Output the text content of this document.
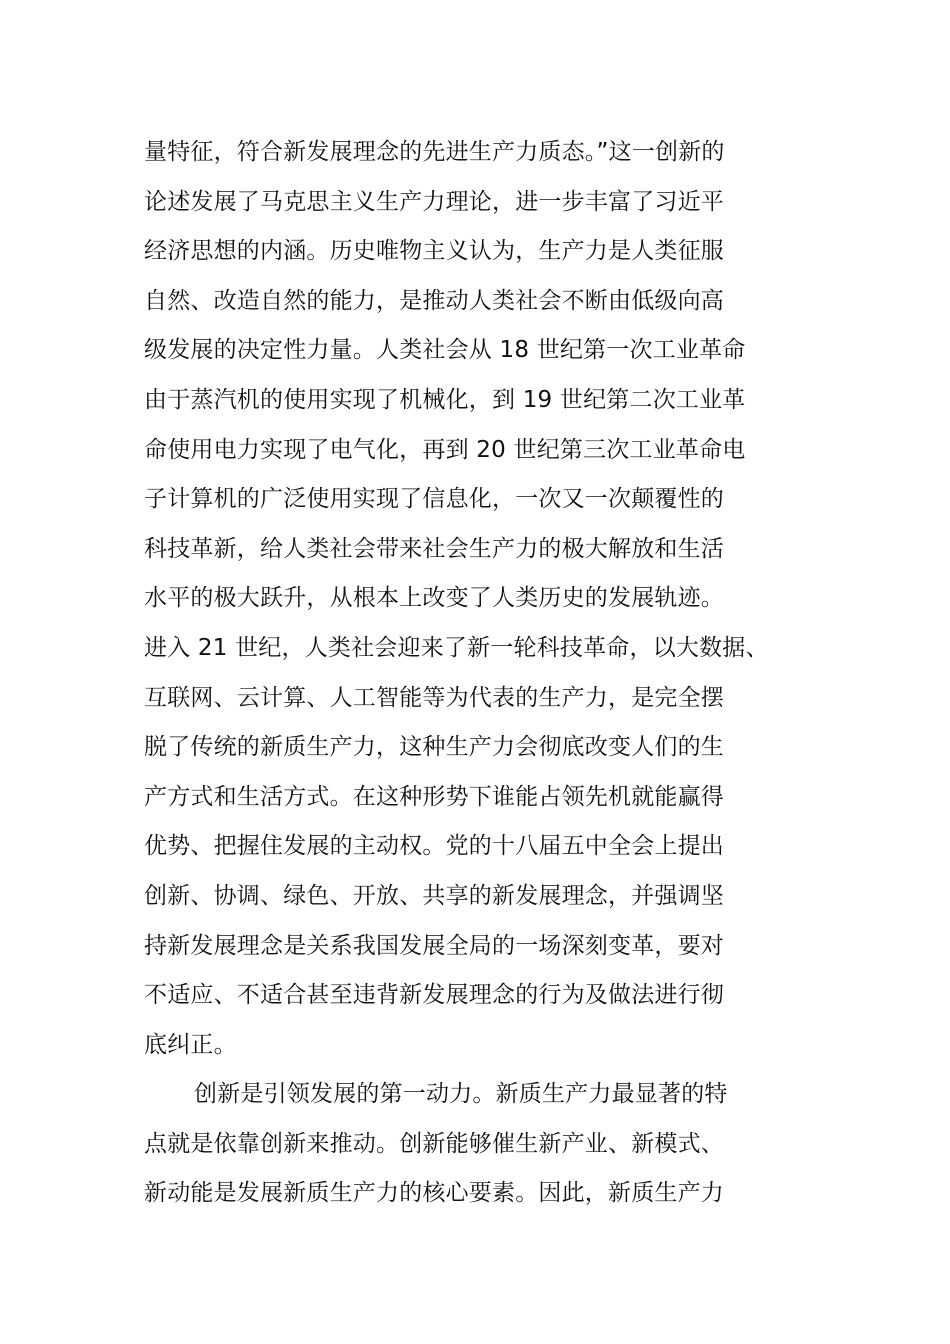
量特征，符合新发展理念的先进生产力质态。”这一创新的
论述发展了马克思主义生产力理论，进一步丰富了习近平
经济思想的内涵。历史唯物主义认为，生产力是人类征服
自然、改造自然的能力，是推动人类社会不断由低级向高
级发展的决定性力量。人类社会从 18 世纪第一次工业革命
由于蒸汽机的使用实现了机械化，到 19 世纪第二次工业革
命使用电力实现了电气化，再到 20 世纪第三次工业革命电
子计算机的广泛使用实现了信息化，一次又一次颠覆性的
科技革新，给人类社会带来社会生产力的极大解放和生活
水平的极大跃升，从根本上改变了人类历史的发展轨迹。
进入 21 世纪，人类社会迎来了新一轮科技革命，以大数据、
互联网、云计算、人工智能等为代表的生产力，是完全摆
脱了传统的新质生产力，这种生产力会彻底改变人们的生
产方式和生活方式。在这种形势下谁能占领先机就能赢得
优势、把握住发展的主动权。党的十八届五中全会上提出
创新、协调、绿色、开放、共享的新发展理念，并强调坚
持新发展理念是关系我国发展全局的一场深刻变革，要对
不适应、不适合甚至违背新发展理念的行为及做法进行彻
底纠正。
创新是引领发展的第一动力。新质生产力最显著的特
点就是依靠创新来推动。创新能够催生新产业、新模式、
新动能是发展新质生产力的核心要素。因此，新质生产力
